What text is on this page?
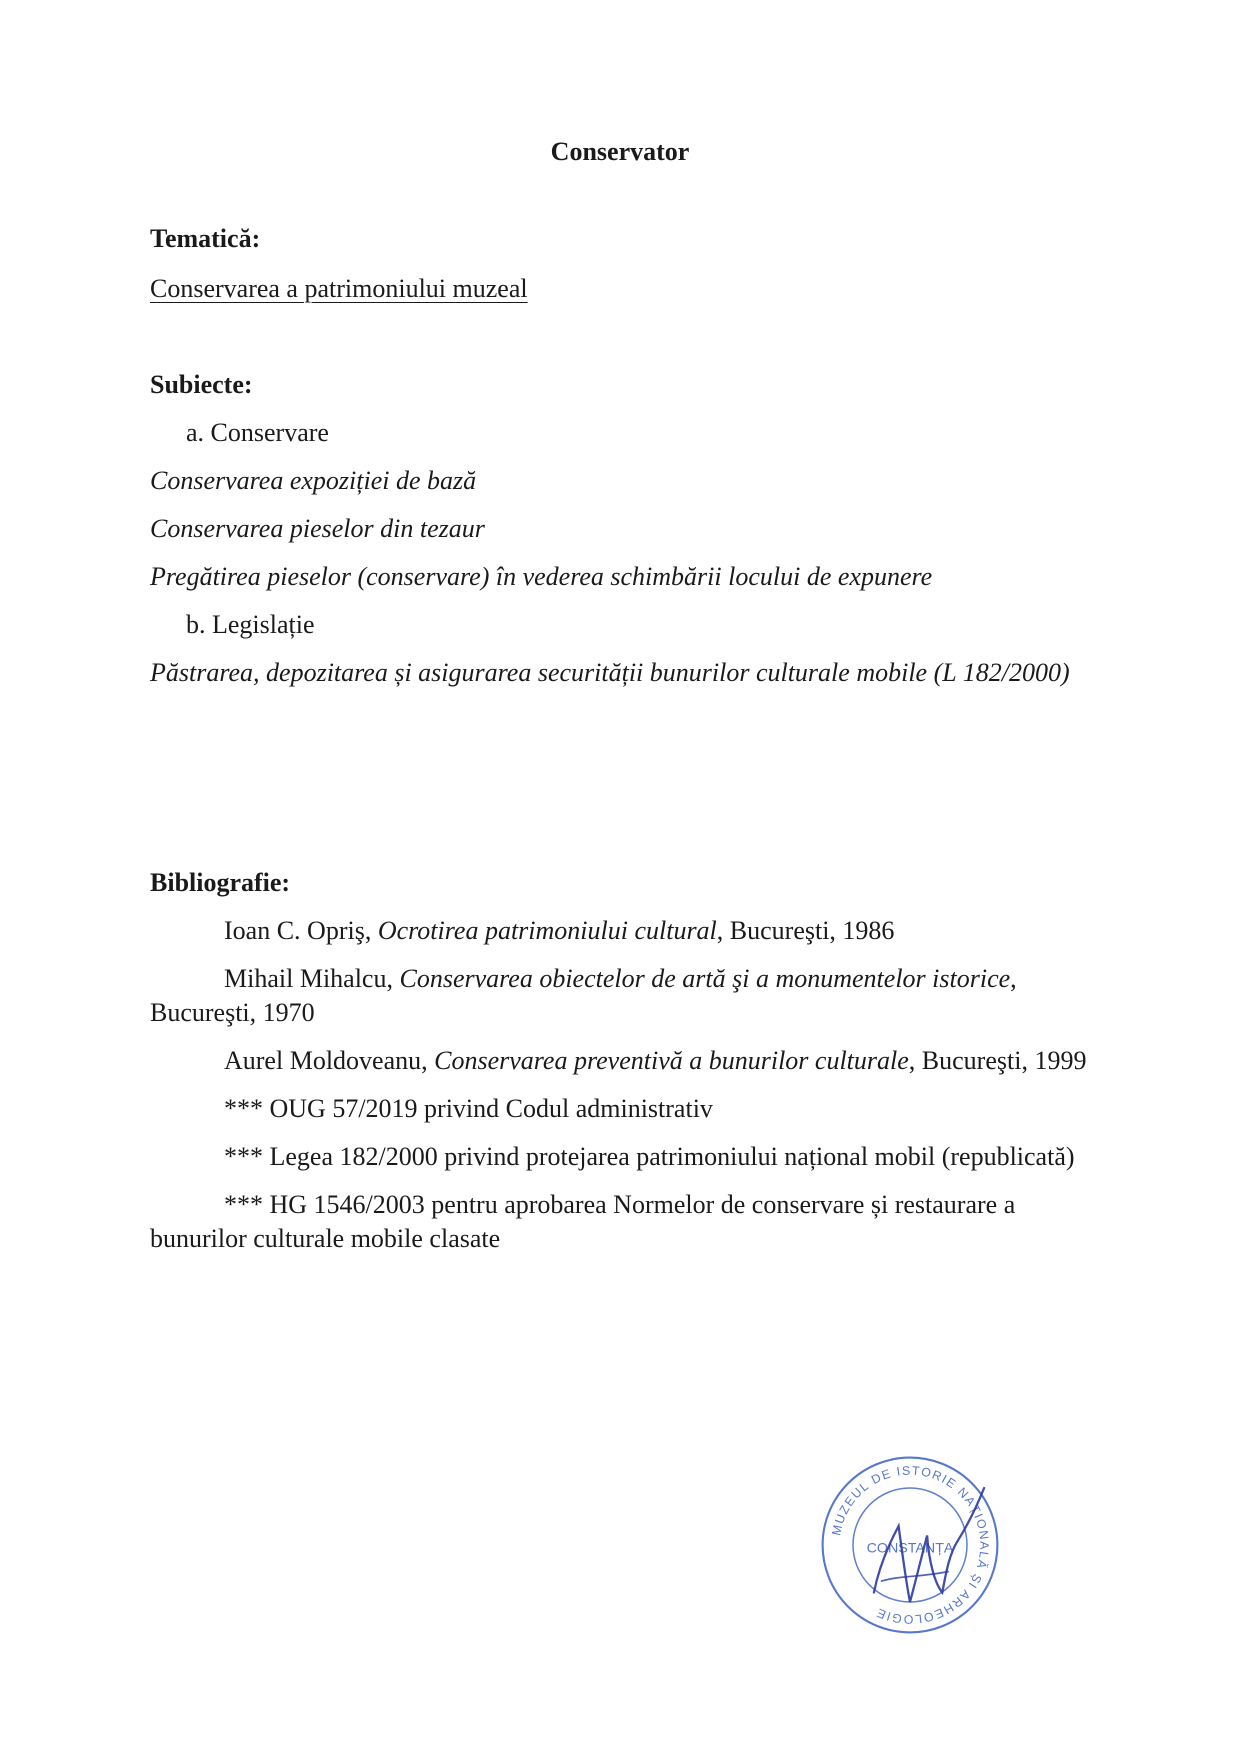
Conservator
Tematică:
Conservarea a patrimoniului muzeal
Subiecte:
a. Conservare
Conservarea expoziției de bază
Conservarea pieselor din tezaur
Pregătirea pieselor (conservare) în vederea schimbării locului de expunere
b. Legislație
Păstrarea, depozitarea și asigurarea securității bunurilor culturale mobile (L 182/2000)
Bibliografie:
Ioan C. Opriş, Ocrotirea patrimoniului cultural, Bucureşti, 1986
Mihail Mihalcu, Conservarea obiectelor de artă şi a monumentelor istorice, Bucureşti, 1970
Aurel Moldoveanu, Conservarea preventivă a bunurilor culturale, Bucureşti, 1999
*** OUG 57/2019 privind Codul administrativ
*** Legea 182/2000 privind protejarea patrimoniului național mobil (republicată)
*** HG 1546/2003 pentru aprobarea Normelor de conservare și restaurare a bunurilor culturale mobile clasate
MUZEUL DE ISTORIE NAȚIONALĂ ȘI ARHEOLOGIE
CONSTANȚA
